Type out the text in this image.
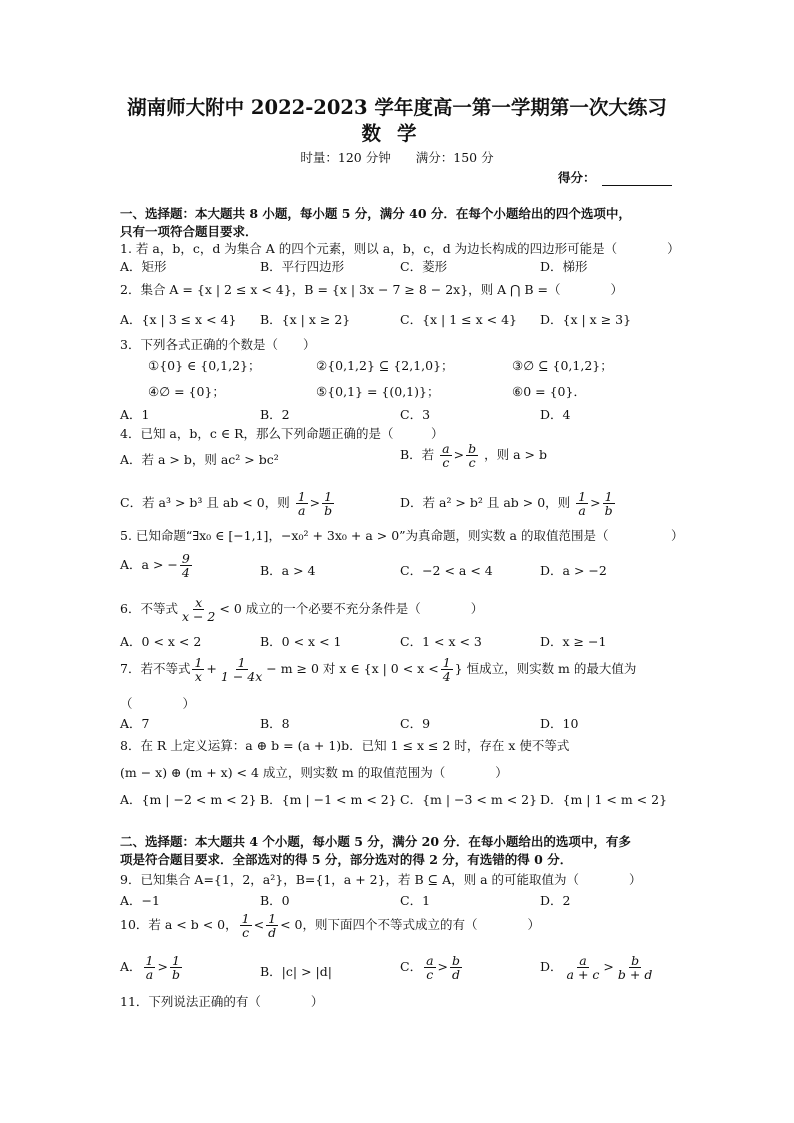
湖南师大附中 2022-2023 学年度高一第一学期第一次大练习
数学
时量：120 分钟　　满分：150 分
得分：
一、选择题：本大题共 8 小题，每小题 5 分，满分 40 分．在每个小题给出的四个选项中，
只有一项符合题目要求．
1. 若 a，b，c，d 为集合 A 的四个元素，则以 a，b，c，d 为边长构成的四边形可能是（　　　　）
A．矩形	B．平行四边形	C．菱形	D．梯形
2．集合 A = {x | 2 ≤ x < 4}，B = {x | 3x − 7 ≥ 8 − 2x}，则 A ⋂ B =（　　　　）
A．{x | 3 ≤ x < 4} B．{x | x ≥ 2}	C．{x | 1 ≤ x < 4} D．{x | x ≥ 3}
3．下列各式正确的个数是（　　）
①{0} ∈ {0,1,2}；	②{0,1,2} ⊆ {2,1,0}；	③∅ ⊆ {0,1,2}；
④∅ = {0}；	⑤{0,1} = {(0,1)}；	⑥0 = {0}．
A．1	B．2	C．3	D．4
4．已知 a，b，c ∈ R，那么下列命题正确的是（　　　）
A．若 a > b，则 ac² > bc²	B．若 $\frac{a}{c} > \frac{b}{c}$ ，则 a > b
C．若 a³ > b³ 且 ab < 0，则 $\frac{1}{a} > \frac{1}{b}$	D．若 a² > b² 且 ab > 0，则 $\frac{1}{a} > \frac{1}{b}$
5. 已知命题“∃x₀ ∈ [−1,1]，−x₀² + 3x₀ + a > 0”为真命题，则实数 a 的取值范围是（　　　　　）
A．a > − $\frac{9}{4}$	B．a > 4	C．−2 < a < 4	D．a > −2
6．不等式 $\frac{x}{x - 2} < 0$ 成立的一个必要不充分条件是（　　　　）
A．0 < x < 2	B．0 < x < 1	C．1 < x < 3	D．x ≥ −1
7．若不等式 $\frac{1}{x} + \frac{1}{1 - 4x} - m \ge 0$ 对 x ∈ {x | $0 < x < \frac{1}{4}$ } 恒成立，则实数 m 的最大值为
（　　　　）
A．7	B．8	C．9	D．10
8．在 R 上定义运算：a ⊕ b = (a + 1)b．已知 1 ≤ x ≤ 2 时，存在 x 使不等式
(m − x) ⊕ (m + x) < 4 成立，则实数 m 的取值范围为（　　　　）
A．{m | −2 < m < 2} B．{m | −1 < m < 2} C．{m | −3 < m < 2} D．{m | 1 < m < 2}
二、选择题：本大题共 4 个小题，每小题 5 分，满分 20 分．在每小题给出的选项中，有多
项是符合题目要求．全部选对的得 5 分，部分选对的得 2 分，有选错的得 0 分．
9．已知集合 A={1，2，a²}，B={1，a + 2}，若 B ⊆ A，则 a 的可能取值为（　　　　）
A．−1	B．0	C．1	D．2
10．若 a < b < 0， $\frac{1}{c} < \frac{1}{d} < 0$，则下面四个不等式成立的有（　　　　）
A． $\frac{1}{a} > \frac{1}{b}$	B．|c| > |d|	C． $\frac{a}{c} > \frac{b}{d}$	D． $\frac{a}{a + c} > \frac{b}{b + d}$
11．下列说法正确的有（　　　　）
